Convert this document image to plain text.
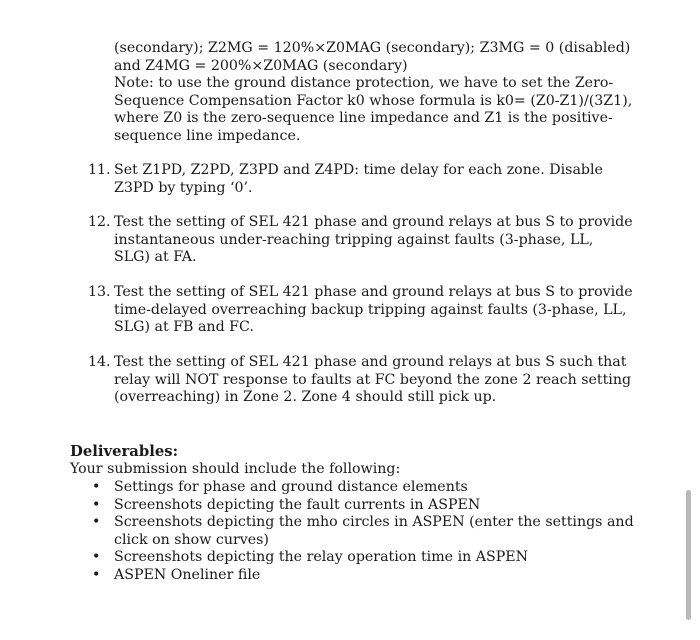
(secondary); Z2MG = 120%×Z0MAG (secondary); Z3MG = 0 (disabled)
and Z4MG = 200%×Z0MAG (secondary)
Note: to use the ground distance protection, we have to set the Zero-
Sequence Compensation Factor k0 whose formula is k0= (Z0-Z1)/(3Z1),
where Z0 is the zero-sequence line impedance and Z1 is the positive-
sequence line impedance.
11. Set Z1PD, Z2PD, Z3PD and Z4PD: time delay for each zone. Disable
Z3PD by typing ‘0’.
12. Test the setting of SEL 421 phase and ground relays at bus S to provide
instantaneous under-reaching tripping against faults (3-phase, LL,
SLG) at FA.
13. Test the setting of SEL 421 phase and ground relays at bus S to provide
time-delayed overreaching backup tripping against faults (3-phase, LL,
SLG) at FB and FC.
14. Test the setting of SEL 421 phase and ground relays at bus S such that
relay will NOT response to faults at FC beyond the zone 2 reach setting
(overreaching) in Zone 2. Zone 4 should still pick up.
Deliverables:
Your submission should include the following:
• Settings for phase and ground distance elements
• Screenshots depicting the fault currents in ASPEN
• Screenshots depicting the mho circles in ASPEN (enter the settings and
click on show curves)
• Screenshots depicting the relay operation time in ASPEN
• ASPEN Oneliner file
